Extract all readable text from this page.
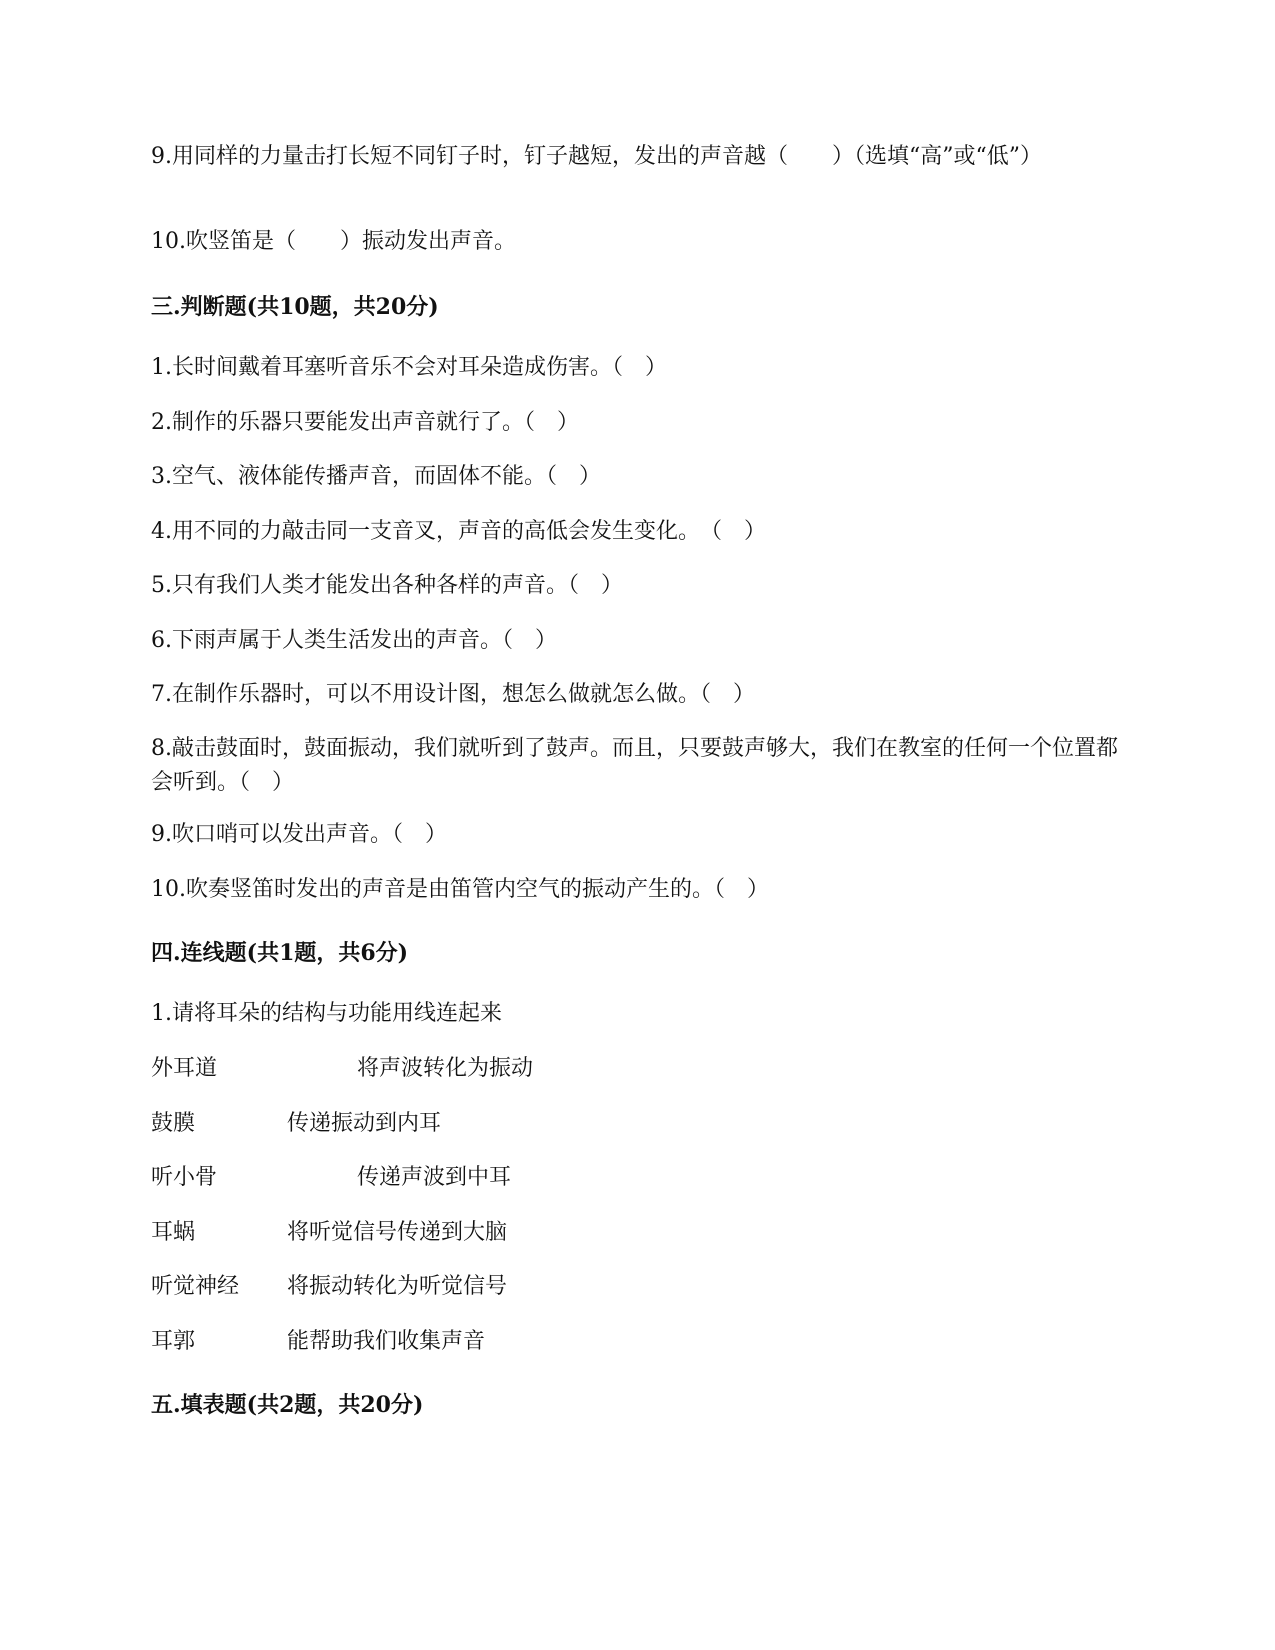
9.用同样的力量击打长短不同钉子时，钉子越短，发出的声音越（　　）（选填“高”或“低”）
10.吹竖笛是（　　）振动发出声音。
三.判断题(共10题，共20分)
1.长时间戴着耳塞听音乐不会对耳朵造成伤害。（　）
2.制作的乐器只要能发出声音就行了。（　）
3.空气、液体能传播声音，而固体不能。（　）
4.用不同的力敲击同一支音叉，声音的高低会发生变化。　（　）
5.只有我们人类才能发出各种各样的声音。（　）
6.下雨声属于人类生活发出的声音。（　）
7.在制作乐器时，可以不用设计图，想怎么做就怎么做。（　）
8.敲击鼓面时，鼓面振动，我们就听到了鼓声。而且，只要鼓声够大，我们在教室的任何一个位置都会听到。（　）
9.吹口哨可以发出声音。（　）
10.吹奏竖笛时发出的声音是由笛管内空气的振动产生的。（　）
四.连线题(共1题，共6分)
1.请将耳朵的结构与功能用线连起来
外耳道	将声波转化为振动
鼓膜	传递振动到内耳
听小骨	传递声波到中耳
耳蜗	将听觉信号传递到大脑
听觉神经 将振动转化为听觉信号
耳郭	能帮助我们收集声音
五.填表题(共2题，共20分)
